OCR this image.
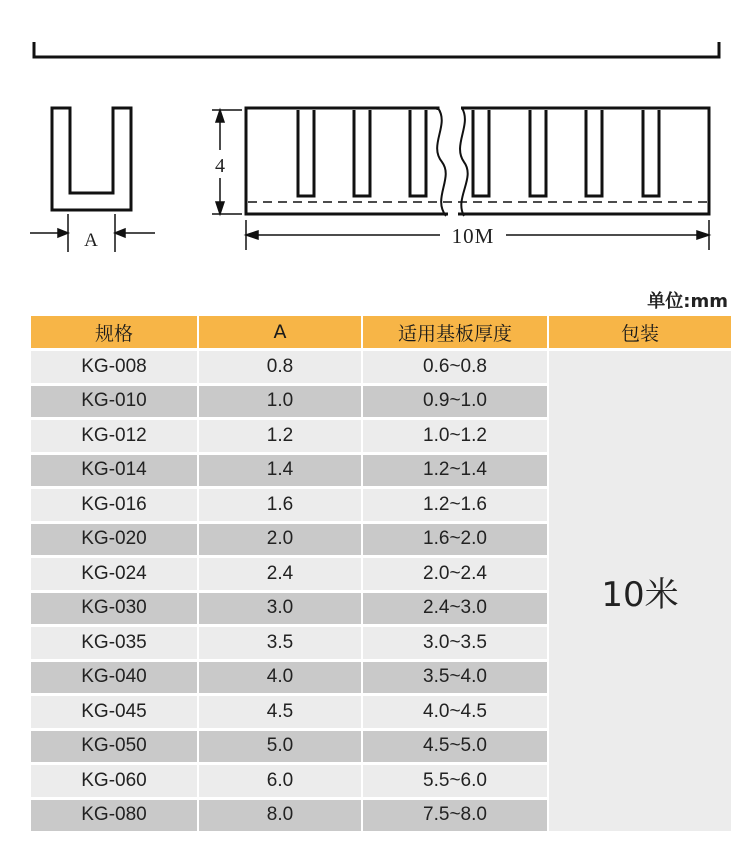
A
4
10M
单位:mm
规格	A	适用基板厚度	包装
KG-008	0.8	0.6~0.8	10米
KG-010	1.0	0.9~1.0	
KG-012	1.2	1.0~1.2	
KG-014	1.4	1.2~1.4	
KG-016	1.6	1.2~1.6	
KG-020	2.0	1.6~2.0	
KG-024	2.4	2.0~2.4	
KG-030	3.0	2.4~3.0	
KG-035	3.5	3.0~3.5	
KG-040	4.0	3.5~4.0	
KG-045	4.5	4.0~4.5	
KG-050	5.0	4.5~5.0	
KG-060	6.0	5.5~6.0	
KG-080	8.0	7.5~8.0	
